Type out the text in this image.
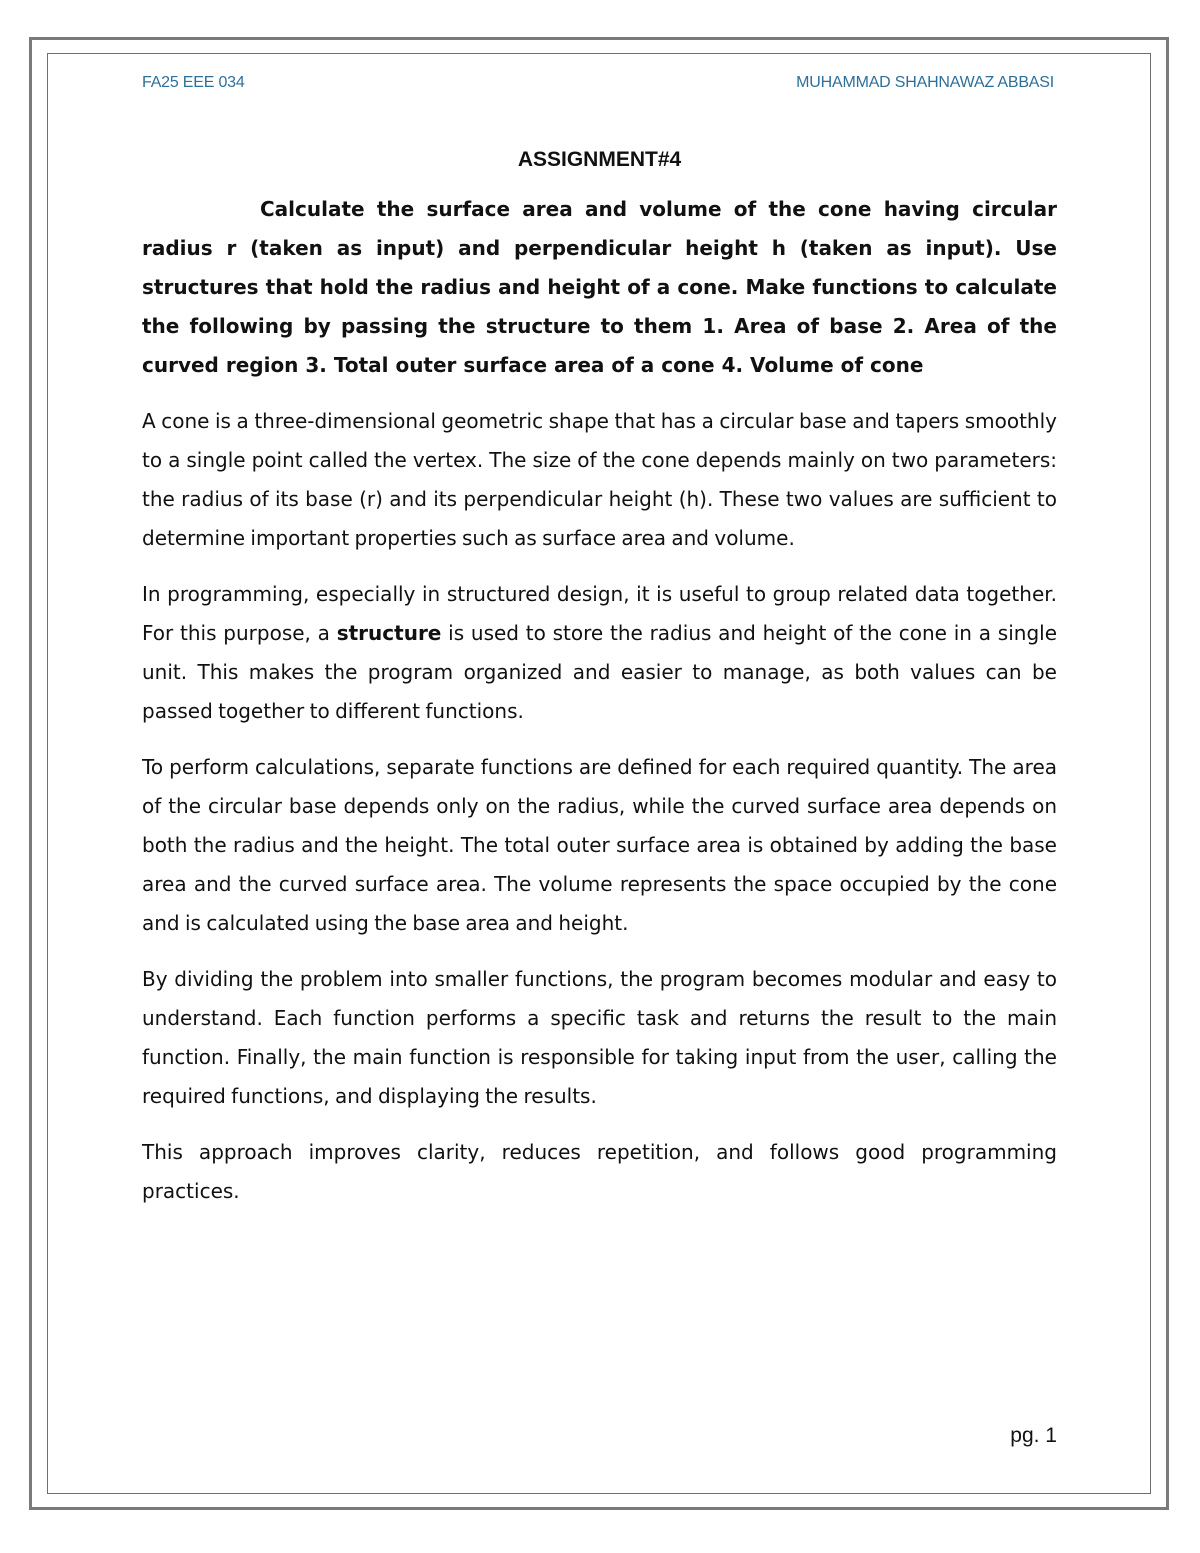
FA25 EEE 034	MUHAMMAD SHAHNAWAZ ABBASI
ASSIGNMENT#4

Calculate the surface area and volume of the cone having circular radius r (taken as input) and perpendicular height h (taken as input). Use structures that hold the radius and height of a cone. Make functions to calculate the following by passing the structure to them 1. Area of base 2. Area of the curved region 3. Total outer surface area of a cone 4. Volume of cone

A cone is a three-dimensional geometric shape that has a circular base and tapers smoothly to a single point called the vertex. The size of the cone depends mainly on two parameters: the radius of its base (r) and its perpendicular height (h). These two values are sufficient to determine important properties such as surface area and volume.

In programming, especially in structured design, it is useful to group related data together. For this purpose, a structure is used to store the radius and height of the cone in a single unit. This makes the program organized and easier to manage, as both values can be passed together to different functions.

To perform calculations, separate functions are defined for each required quantity. The area of the circular base depends only on the radius, while the curved surface area depends on both the radius and the height. The total outer surface area is obtained by adding the base area and the curved surface area. The volume represents the space occupied by the cone and is calculated using the base area and height.

By dividing the problem into smaller functions, the program becomes modular and easy to understand. Each function performs a specific task and returns the result to the main function. Finally, the main function is responsible for taking input from the user, calling the required functions, and displaying the results.

This approach improves clarity, reduces repetition, and follows good programming practices.

pg. 1
